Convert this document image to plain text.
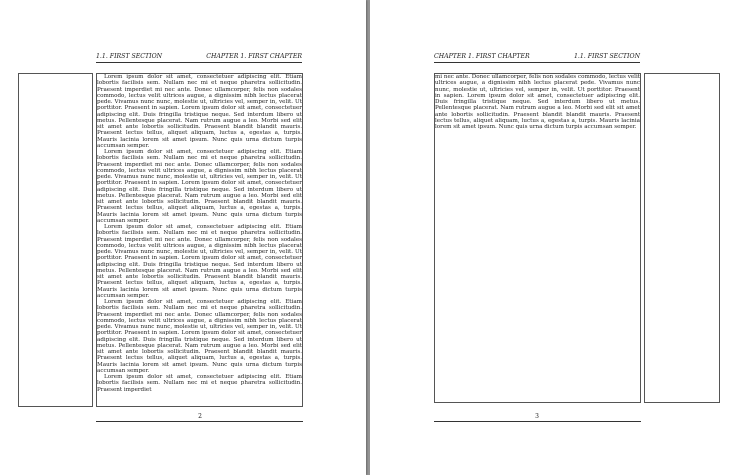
1.1. FIRST SECTION	CHAPTER 1. FIRST CHAPTER

Lorem ipsum dolor sit amet, consectetuer adipiscing elit. Etiam lobortis facilisis sem. Nullam nec mi et neque pharetra sollicitudin. Praesent imperdiet mi nec ante. Donec ullamcorper, felis non sodales commodo, lectus velit ultrices augue, a dignissim nibh lectus placerat pede. Vivamus nunc nunc, molestie ut, ultricies vel, semper in, velit. Ut porttitor. Praesent in sapien. Lorem ipsum dolor sit amet, consectetuer adipiscing elit. Duis fringilla tristique neque. Sed interdum libero ut metus. Pellentesque placerat. Nam rutrum augue a leo. Morbi sed elit sit amet ante lobortis sollicitudin. Praesent blandit blandit mauris. Praesent lectus tellus, aliquet aliquam, luctus a, egestas a, turpis. Mauris lacinia lorem sit amet ipsum. Nunc quis urna dictum turpis accumsan semper.

Lorem ipsum dolor sit amet, consectetuer adipiscing elit. Etiam lobortis facilisis sem. Nullam nec mi et neque pharetra sollicitudin. Praesent imperdiet mi nec ante. Donec ullamcorper, felis non sodales commodo, lectus velit ultrices augue, a dignissim nibh lectus placerat pede. Vivamus nunc nunc, molestie ut, ultricies vel, semper in, velit. Ut porttitor. Praesent in sapien. Lorem ipsum dolor sit amet, consectetuer adipiscing elit. Duis fringilla tristique neque. Sed interdum libero ut metus. Pellentesque placerat. Nam rutrum augue a leo. Morbi sed elit sit amet ante lobortis sollicitudin. Praesent blandit blandit mauris. Praesent lectus tellus, aliquet aliquam, luctus a, egestas a, turpis. Mauris lacinia lorem sit amet ipsum. Nunc quis urna dictum turpis accumsan semper.

Lorem ipsum dolor sit amet, consectetuer adipiscing elit. Etiam lobortis facilisis sem. Nullam nec mi et neque pharetra sollicitudin. Praesent imperdiet mi nec ante. Donec ullamcorper, felis non sodales commodo, lectus velit ultrices augue, a dignissim nibh lectus placerat pede. Vivamus nunc nunc, molestie ut, ultricies vel, semper in, velit. Ut porttitor. Praesent in sapien. Lorem ipsum dolor sit amet, consectetuer adipiscing elit. Duis fringilla tristique neque. Sed interdum libero ut metus. Pellentesque placerat. Nam rutrum augue a leo. Morbi sed elit sit amet ante lobortis sollicitudin. Praesent blandit blandit mauris. Praesent lectus tellus, aliquet aliquam, luctus a, egestas a, turpis. Mauris lacinia lorem sit amet ipsum. Nunc quis urna dictum turpis accumsan semper.

Lorem ipsum dolor sit amet, consectetuer adipiscing elit. Etiam lobortis facilisis sem. Nullam nec mi et neque pharetra sollicitudin. Praesent imperdiet mi nec ante. Donec ullamcorper, felis non sodales commodo, lectus velit ultrices augue, a dignissim nibh lectus placerat pede. Vivamus nunc nunc, molestie ut, ultricies vel, semper in, velit. Ut porttitor. Praesent in sapien. Lorem ipsum dolor sit amet, consectetuer adipiscing elit. Duis fringilla tristique neque. Sed interdum libero ut metus. Pellentesque placerat. Nam rutrum augue a leo. Morbi sed elit sit amet ante lobortis sollicitudin. Praesent blandit blandit mauris. Praesent lectus tellus, aliquet aliquam, luctus a, egestas a, turpis. Mauris lacinia lorem sit amet ipsum. Nunc quis urna dictum turpis accumsan semper.

Lorem ipsum dolor sit amet, consectetuer adipiscing elit. Etiam lobortis facilisis sem. Nullam nec mi et neque pharetra sollicitudin. Praesent imperdiet

2
CHAPTER 1. FIRST CHAPTER	1.1. FIRST SECTION

mi nec ante. Donec ullamcorper, felis non sodales commodo, lectus velit ultrices augue, a dignissim nibh lectus placerat pede. Vivamus nunc nunc, molestie ut, ultricies vel, semper in, velit. Ut porttitor. Praesent in sapien. Lorem ipsum dolor sit amet, consectetuer adipiscing elit. Duis fringilla tristique neque. Sed interdum libero ut metus. Pellentesque placerat. Nam rutrum augue a leo. Morbi sed elit sit amet ante lobortis sollicitudin. Praesent blandit blandit mauris. Praesent lectus tellus, aliquet aliquam, luctus a, egestas a, turpis. Mauris lacinia lorem sit amet ipsum. Nunc quis urna dictum turpis accumsan semper.

3
